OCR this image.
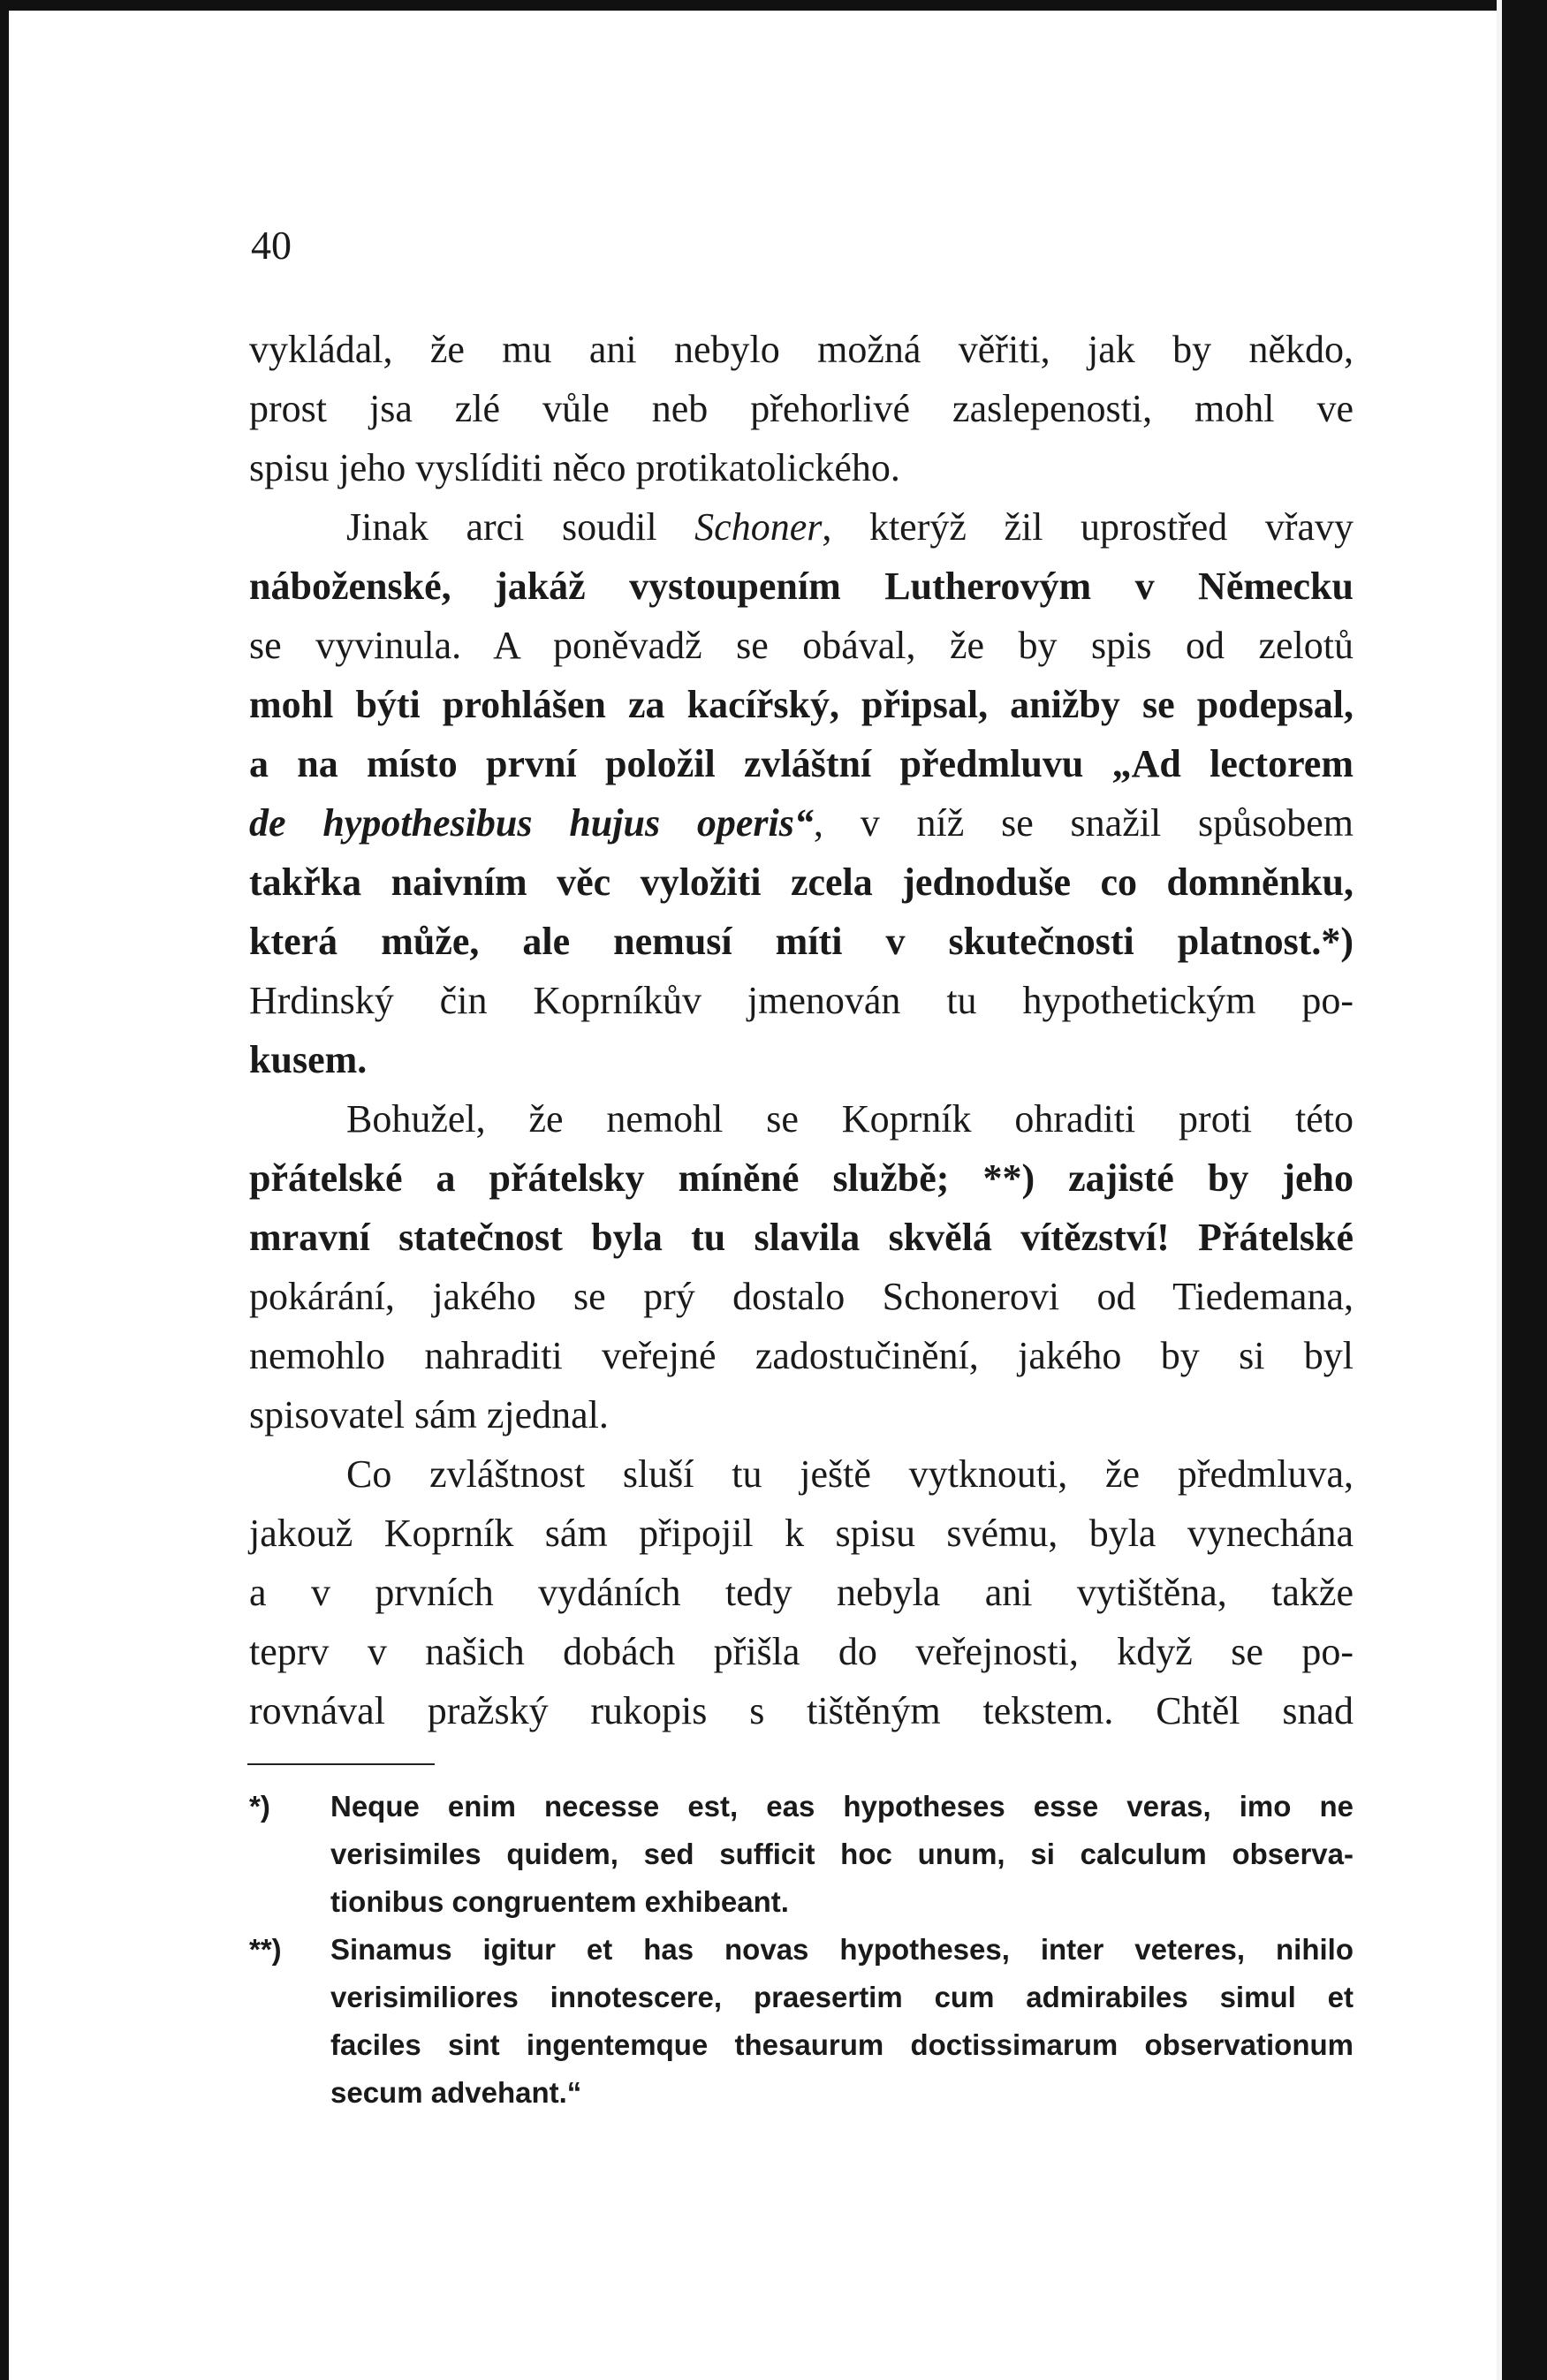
40
vykládal, že mu ani nebylo možná věřiti, jak by někdo,
prost jsa zlé vůle neb přehorlivé zaslepenosti, mohl ve
spisu jeho vyslíditi něco protikatolického.
Jinak arci soudil Schoner, kterýž žil uprostřed vřavy
náboženské, jakáž vystoupením Lutherovým v Německu
se vyvinula. A poněvadž se obával, že by spis od zelotů
mohl býti prohlášen za kacířský, připsal, anižby se podepsal,
a na místo první položil zvláštní předmluvu „Ad lectorem
de hypothesibus hujus operis“, v níž se snažil spůsobem
takřka naivním věc vyložiti zcela jednoduše co domněnku,
která může, ale nemusí míti v skutečnosti platnost.*)
Hrdinský čin Koprníkův jmenován tu hypothetickým po-
kusem.
Bohužel, že nemohl se Koprník ohraditi proti této
přátelské a přátelsky míněné službě; **) zajisté by jeho
mravní statečnost byla tu slavila skvělá vítězství! Přátelské
pokárání, jakého se prý dostalo Schonerovi od Tiedemana,
nemohlo nahraditi veřejné zadostučinění, jakého by si byl
spisovatel sám zjednal.
Co zvláštnost sluší tu ještě vytknouti, že předmluva,
jakouž Koprník sám připojil k spisu svému, byla vynechána
a v prvních vydáních tedy nebyla ani vytištěna, takže
teprv v našich dobách přišla do veřejnosti, když se po-
rovnával pražský rukopis s tištěným tekstem. Chtěl snad
*) Neque enim necesse est, eas hypotheses esse veras, imo ne
verisimiles quidem, sed sufficit hoc unum, si calculum observa-
tionibus congruentem exhibeant.
**) Sinamus igitur et has novas hypotheses, inter veteres, nihilo
verisimiliores innotescere, praesertim cum admirabiles simul et
faciles sint ingentemque thesaurum doctissimarum observationum
secum advehant.“
